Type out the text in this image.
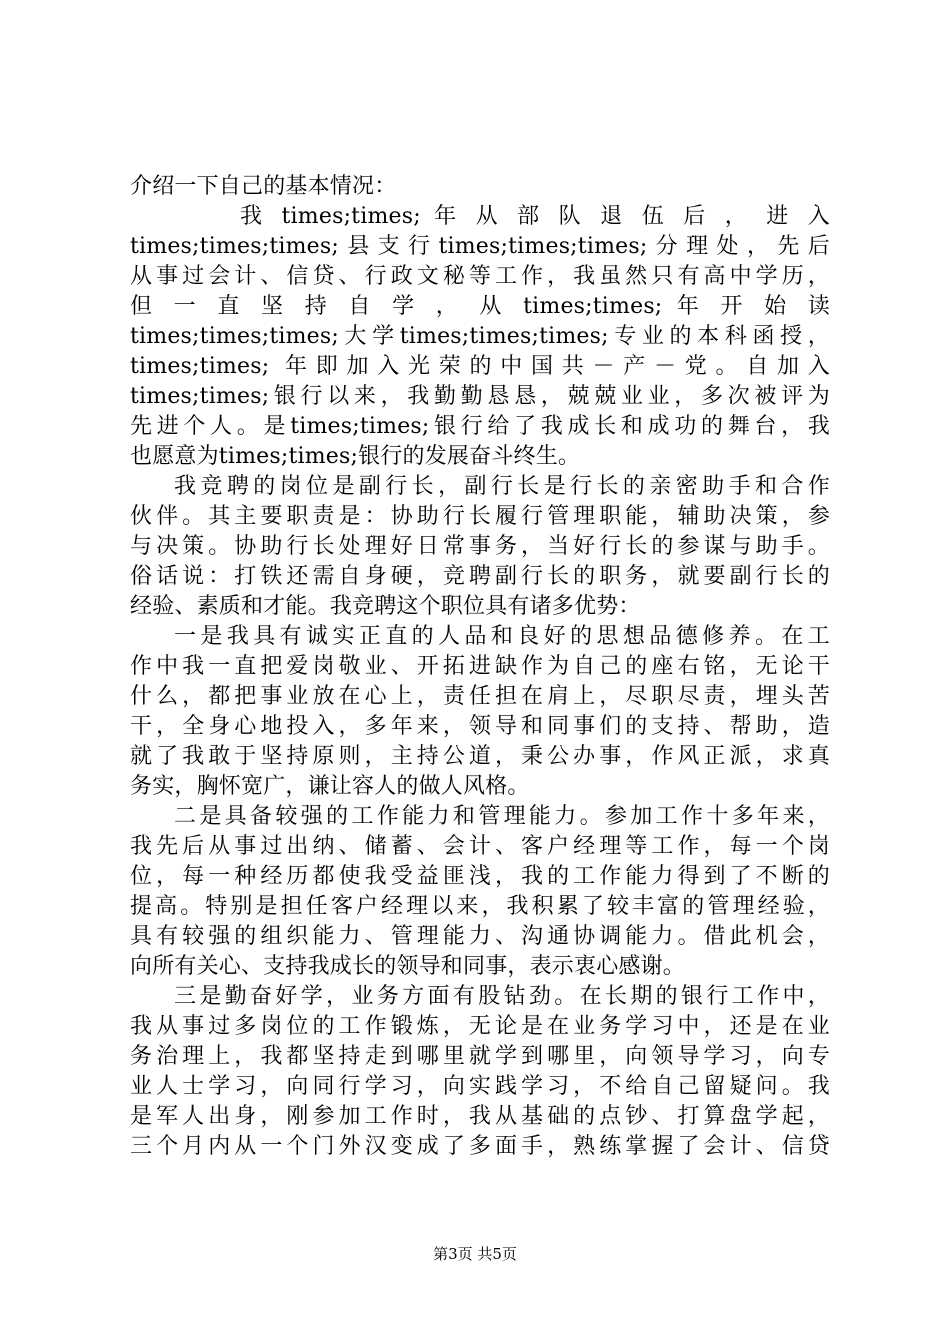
介绍一下自己的基本情况：
我 times;times; 年 从 部 队 退 伍 后 ， 进 入
times;times;times;县支行times;times;times;分理处，先后
从事过会计、信贷、行政文秘等工作，我虽然只有高中学历，
但 一 直 坚 持 自 学 ， 从 times;times; 年 开 始 读
times;times;times;大学times;times;times;专业的本科函授，
times;times; 年即加入光荣的中国共－产－党。自加入
times;times;银行以来，我勤勤恳恳，兢兢业业，多次被评为
先进个人。是times;times;银行给了我成长和成功的舞台，我
也愿意为times;times;银行的发展奋斗终生。
我竞聘的岗位是副行长，副行长是行长的亲密助手和合作
伙伴。其主要职责是：协助行长履行管理职能，辅助决策，参
与决策。协助行长处理好日常事务，当好行长的参谋与助手。
俗话说：打铁还需自身硬，竞聘副行长的职务，就要副行长的
经验、素质和才能。我竞聘这个职位具有诸多优势：
一是我具有诚实正直的人品和良好的思想品德修养。在工
作中我一直把爱岗敬业、开拓进缺作为自己的座右铭，无论干
什么，都把事业放在心上，责任担在肩上，尽职尽责，埋头苦
干，全身心地投入，多年来，领导和同事们的支持、帮助，造
就了我敢于坚持原则，主持公道，秉公办事，作风正派，求真
务实，胸怀宽广，谦让容人的做人风格。
二是具备较强的工作能力和管理能力。参加工作十多年来，
我先后从事过出纳、储蓄、会计、客户经理等工作，每一个岗
位，每一种经历都使我受益匪浅，我的工作能力得到了不断的
提高。特别是担任客户经理以来，我积累了较丰富的管理经验，
具有较强的组织能力、管理能力、沟通协调能力。借此机会，
向所有关心、支持我成长的领导和同事，表示衷心感谢。
三是勤奋好学，业务方面有股钻劲。在长期的银行工作中，
我从事过多岗位的工作锻炼，无论是在业务学习中，还是在业
务治理上，我都坚持走到哪里就学到哪里，向领导学习，向专
业人士学习，向同行学习，向实践学习，不给自己留疑问。我
是军人出身，刚参加工作时，我从基础的点钞、打算盘学起，
三个月内从一个门外汉变成了多面手，熟练掌握了会计、信贷
第3页 共5页
